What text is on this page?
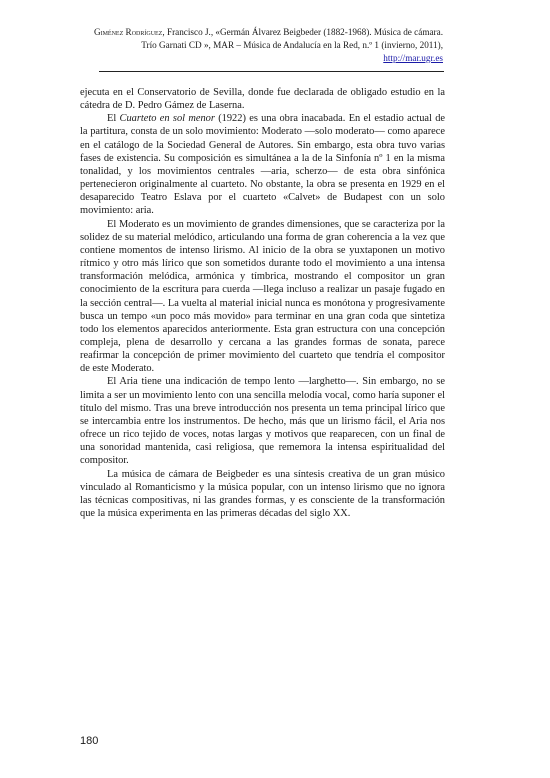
Giménez Rodríguez, Francisco J., «Germán Álvarez Beigbeder (1882-1968). Música de cámara.
Trío Garnati CD », MAR – Música de Andalucía en la Red, n.º 1 (invierno, 2011),
http://mar.ugr.es

ejecuta en el Conservatorio de Sevilla, donde fue declarada de obligado estudio en la cátedra de D. Pedro Gámez de Laserna.

El Cuarteto en sol menor (1922) es una obra inacabada. En el estadio actual de la partitura, consta de un solo movimiento: Moderato —solo moderato— como aparece en el catálogo de la Sociedad General de Autores. Sin embargo, esta obra tuvo varias fases de existencia. Su composición es simultánea a la de la Sinfonía nº 1 en la misma tonalidad, y los movimientos centrales —aria, scherzo— de esta obra sinfónica pertenecieron originalmente al cuarteto. No obstante, la obra se presenta en 1929 en el desaparecido Teatro Eslava por el cuarteto «Calvet» de Budapest con un solo movimiento: aria.

El Moderato es un movimiento de grandes dimensiones, que se caracteriza por la solidez de su material melódico, articulando una forma de gran coherencia a la vez que contiene momentos de intenso lirismo. Al inicio de la obra se yuxtaponen un motivo rítmico y otro más lírico que son sometidos durante todo el movimiento a una intensa transformación melódica, armónica y tímbrica, mostrando el compositor un gran conocimiento de la escritura para cuerda —llega incluso a realizar un pasaje fugado en la sección central—. La vuelta al material inicial nunca es monótona y progresivamente busca un tempo «un poco más movido» para terminar en una gran coda que sintetiza todo los elementos aparecidos anteriormente. Esta gran estructura con una concepción compleja, plena de desarrollo y cercana a las grandes formas de sonata, parece reafirmar la concepción de primer movimiento del cuarteto que tendría el compositor de este Moderato.

El Aria tiene una indicación de tempo lento —larghetto—. Sin embargo, no se limita a ser un movimiento lento con una sencilla melodía vocal, como haría suponer el título del mismo. Tras una breve introducción nos presenta un tema principal lírico que se intercambia entre los instrumentos. De hecho, más que un lirismo fácil, el Aria nos ofrece un rico tejido de voces, notas largas y motivos que reaparecen, con un final de una sonoridad mantenida, casi religiosa, que rememora la intensa espiritualidad del compositor.

La música de cámara de Beigbeder es una síntesis creativa de un gran músico vinculado al Romanticismo y la música popular, con un intenso lirismo que no ignora las técnicas compositivas, ni las grandes formas, y es consciente de la transformación que la música experimenta en las primeras décadas del siglo XX.

180
